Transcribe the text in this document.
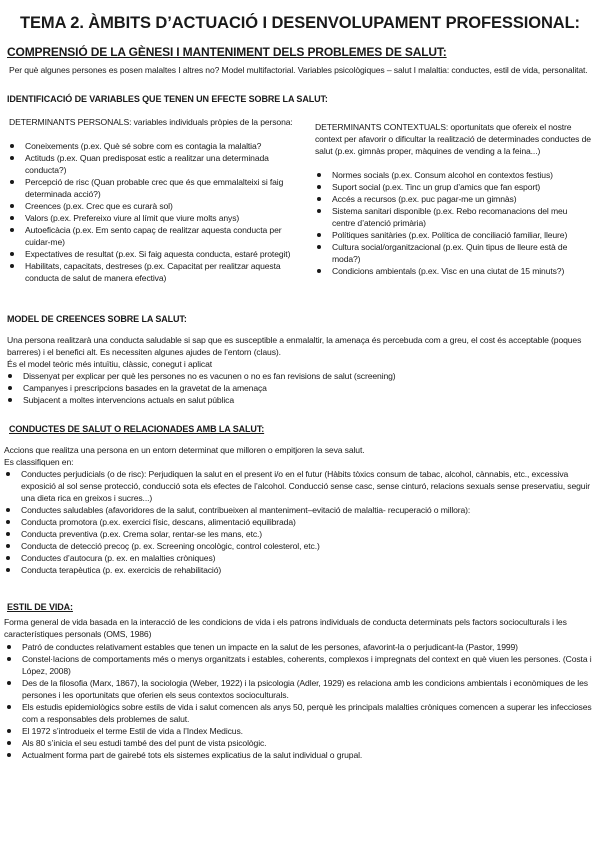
TEMA 2. ÀMBITS D’ACTUACIÓ I DESENVOLUPAMENT PROFESSIONAL:
COMPRENSIÓ DE LA GÈNESI I MANTENIMENT DELS PROBLEMES DE SALUT:

Per què algunes persones es posen malaltes I altres no? Model multifactorial. Variables psicològiques – salut I malaltia: conductes, estil de vida, personalitat.

IDENTIFICACIÓ DE VARIABLES QUE TENEN UN EFECTE SOBRE LA SALUT:

DETERMINANTS PERSONALS: variables individuals pròpies de la persona:

Coneixements (p.ex. Què sé sobre com es contagia la malaltia?
Actituds (p.ex. Quan predisposat estic a realitzar una determinada conducta?)
Percepció de risc (Quan probable crec que és que emmalalteixi si faig determinada acció?)
Creences (p.ex. Crec que es curarà sol)
Valors (p.ex. Prefereixo viure al límit que viure molts anys)
Autoeficàcia (p.ex. Em sento capaç de realitzar aquesta conducta per cuidar-me)
Expectatives de resultat (p.ex. Si faig aquesta conducta, estaré protegit)
Habilitats, capacitats, destreses (p.ex. Capacitat per realitzar aquesta conducta de salut de manera efectiva)

DETERMINANTS CONTEXTUALS: oportunitats que ofereix el nostre context per afavorir o dificultar la realització de determinades conductes de salut (p.ex. gimnàs proper, màquines de vending a la feina...)

Normes socials (p.ex. Consum alcohol en contextos festius)
Suport social (p.ex. Tinc un grup d’amics que fan esport)
Accés a recursos (p.ex. puc pagar-me un gimnàs)
Sistema sanitari disponible (p.ex. Rebo recomanacions del meu centre d’atenció primària)
Polítiques sanitàries (p.ex. Política de conciliació familiar, lleure)
Cultura social/organitzacional (p.ex. Quin tipus de lleure està de moda?)
Condicions ambientals (p.ex. Visc en una ciutat de 15 minuts?)
MODEL DE CREENCES SOBRE LA SALUT:

Una persona realitzarà una conducta saludable si sap que es susceptible a enmalaltir, la amenaça és percebuda com a greu, el cost és acceptable (poques barreres) i el benefici alt. Es necessiten algunes ajudes de l’entorn (claus).

És el model teòric més intuïtiu, clàssic, conegut i aplicat

Dissenyat per explicar per què les persones no es vacunen o no es fan revisions de salut (screening)
Campanyes i prescripcions basades en la gravetat de la amenaça
Subjacent a moltes intervencions actuals en salut pública
CONDUCTES DE SALUT O RELACIONADES AMB LA SALUT:

Accions que realitza una persona en un entorn determinat que milloren o empitjoren la seva salut.

Es classifiquen en:

Conductes perjudicials (o de risc): Perjudiquen la salut en el present i/o en el futur (Hàbits tòxics consum de tabac, alcohol, cànnabis, etc., excessiva exposició al sol sense protecció, conducció sota els efectes de l’alcohol. Conducció sense casc, sense cinturó, relacions sexuals sense preservatiu, seguir una dieta rica en greixos i sucres...)
Conductes saludables (afavoridores de la salut, contribueixen al manteniment–evitació de malaltia- recuperació o millora):
Conducta promotora (p.ex. exercici físic, descans, alimentació equilibrada)
Conducta preventiva (p.ex. Crema solar, rentar-se les mans, etc.)
Conducta de detecció precoç (p. ex. Screening oncològic, control colesterol, etc.)
Conductes d’autocura (p. ex. en malalties cròniques)
Conducta terapèutica (p. ex. exercicis de rehabilitació)
ESTIL DE VIDA:

Forma general de vida basada en la interacció de les condicions de vida i els patrons individuals de conducta determinats pels factors socioculturals i les característiques personals (OMS, 1986)

Patró de conductes relativament estables que tenen un impacte en la salut de les persones, afavorint-la o perjudicant-la (Pastor, 1999)
Constel·lacions de comportaments més o menys organitzats i estables, coherents, complexos i impregnats del context en què viuen les persones. (Costa i López, 2008)
Des de la filosofia (Marx, 1867), la sociologia (Weber, 1922) i la psicologia (Adler, 1929) es relaciona amb les condicions ambientals i econòmiques de les persones i les oportunitats que oferien els seus contextos socioculturals.
Els estudis epidemiològics sobre estils de vida i salut comencen als anys 50, perquè les principals malalties cròniques comencen a superar les infeccioses com a responsables dels problemes de salut.
El 1972 s’introdueix el terme Estil de vida a l’Index Medicus.
Als 80 s’inicia el seu estudi també des del punt de vista psicològic.
Actualment forma part de gairebé tots els sistemes explicatius de la salut individual o grupal.
